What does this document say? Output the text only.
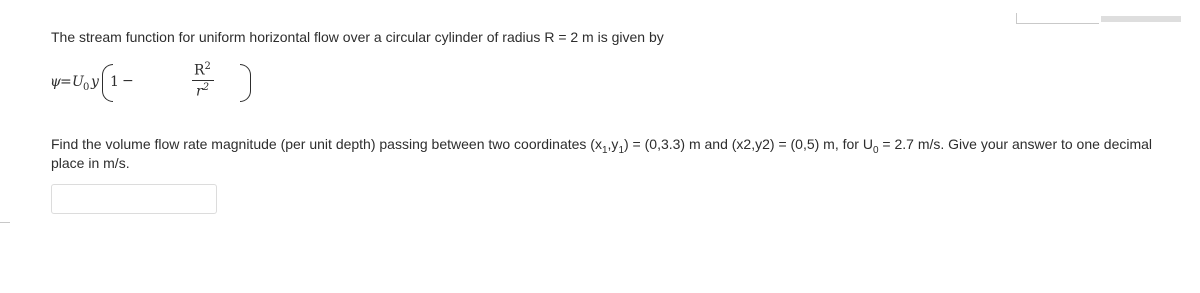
The stream function for uniform horizontal flow over a circular cylinder of radius R = 2 m is given by
ψ = U 0 y 1 −
$R^2$
$r^2$
Find the volume flow rate magnitude (per unit depth) passing between two coordinates $(x_1,y_1) = (0,3.3)$ m and (x2,y2) = (0,5) m, for $U_0 = 2.7$ m/s. Give your answer to one decimal place in m/s.
